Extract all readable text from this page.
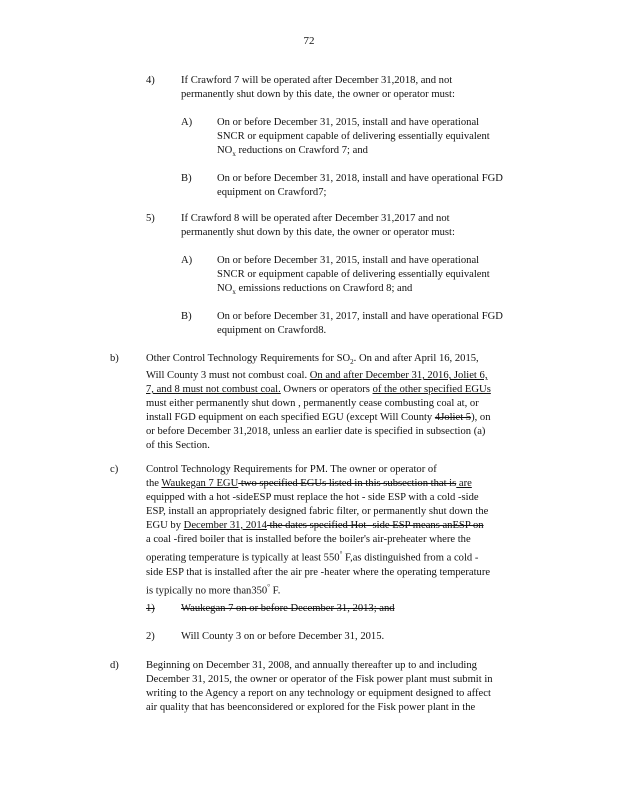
72
4) If Crawford 7 will be operated after December 31,2018, and not
permanently shut down by this date, the owner or operator must:
A) On or before December 31, 2015, install and have operational
SNCR or equipment capable of delivering essentially equivalent
$NO_x$ reductions on Crawford 7; and
B) On or before December 31, 2018, install and have operational FGD
equipment on Crawford7;
5) If Crawford 8 will be operated after December 31,2017 and not
permanently shut down by this date, the owner or operator must:
A) On or before December 31, 2015, install and have operational
SNCR or equipment capable of delivering essentially equivalent
$NO_x$ emissions reductions on Crawford 8; and
B) On or before December 31, 2017, install and have operational FGD
equipment on Crawford8.
b)	Other Control Technology Requirements for $SO_2$. On and after April 16, 2015,
Will County 3 must not combust coal. On and after December 31, 2016, Joliet 6,
7, and 8 must not combust coal. Owners or operators of the other specified EGUs
must either permanently shut down , permanently cease combusting coal at, or
install FGD equipment on each specified EGU (except Will County 4Joliet 5), on
or before December 31,2018, unless an earlier date is specified in subsection (a)
of this Section.
c)	Control Technology Requirements for PM. The owner or operator of
the Waukegan 7 EGU two specified EGUs listed in this subsection that is are
equipped with a hot -sideESP must replace the hot - side ESP with a cold -side
ESP, install an appropriately designed fabric filter, or permanently shut down the
EGU by December 31, 2014 the dates specified Hot -side ESP means anESP on
a coal -fired boiler that is installed before the boiler's air-preheater where the
operating temperature is typically at least 550° F,as distinguished from a cold -
side ESP that is installed after the air pre -heater where the operating temperature
is typically no more than350° F.
1) Waukegan 7 on or before December 31, 2013; and
2) Will County 3 on or before December 31, 2015.
d)	Beginning on December 31, 2008, and annually thereafter up to and including
December 31, 2015, the owner or operator of the Fisk power plant must submit in
writing to the Agency a report on any technology or equipment designed to affect
air quality that has beenconsidered or explored for the Fisk power plant in the
